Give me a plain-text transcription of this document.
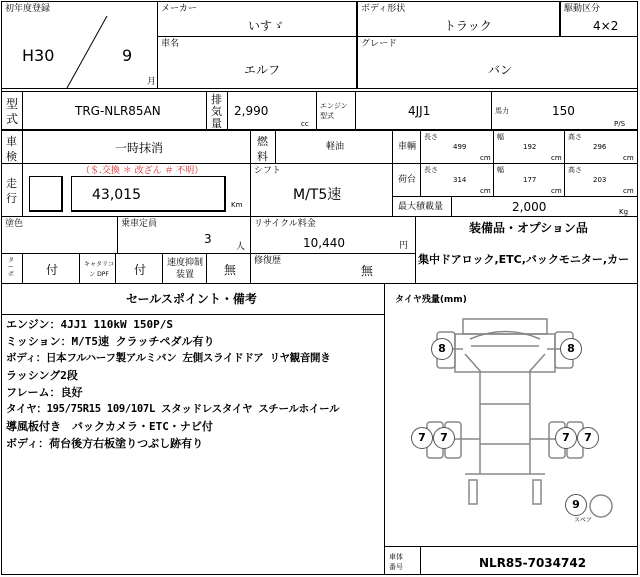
初年度登録
H30	9
月
メーカー
いすゞ
ボディ形状
トラック
駆動区分
4×2
車名
エルフ
グレード
バン
型式
TRG-NLR85AN
排気量
2,990
cc
エンジン型式	4JJ1	馬力	150
P/S
車検
一時抹消	燃料
軽油	車輌
長さ
499
cm
幅
192
cm
高さ
296
cm
荷台
長さ
314
cm
幅
177
cm
高さ
203
cm
最大積載量	2,000	Kg
走行
（＄.交換 ＊ 改ざん ＃ 不明）
43,015
Km
シフト
M/T5速
塗色	乗車定員
3
人
リサイクル料金
10,440	円
装備品・オプション品
集中ドアロック,ETC,バックモニター,カー
ターボ	付	キャタリコン DPF	付 速度抑制装置	無
修復歴
無
セールスポイント・備考
エンジン：4JJ1 110kW 150P/S
ミッション：M/T5速 クラッチペダル有り
ボディ：日本フルハーフ製アルミバン 左側スライドドア リヤ観音開き
ラッシング2段
フレーム：良好
タイヤ：195/75R15 109/107L スタッドレスタイヤ スチールホイール
導風板付き　バックカメラ・ETC・ナビ付
ボディ：荷台後方右板塗りつぶし跡有り
タイヤ残量(mm)
8	8
7	7	7	7
9
スペア
車体番号	NLR85-7034742
